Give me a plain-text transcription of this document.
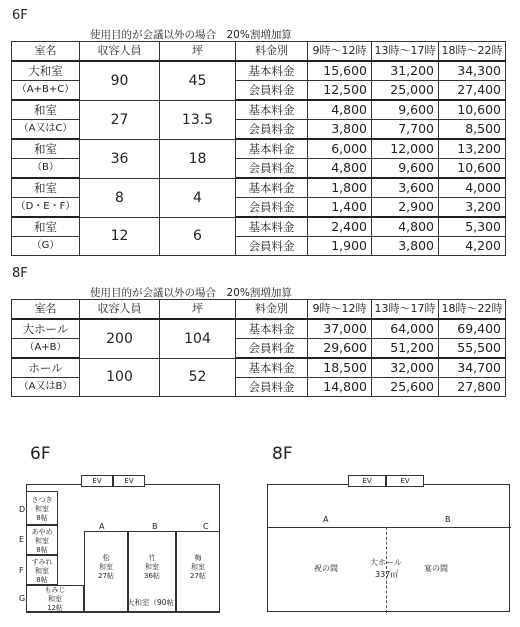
6F
使用目的が会議以外の場合　20%割増加算
室名	収容人員	坪	料金別	9時～12時	13時～17時	18時～22時
大和室	90	45	基本料金	15,600	31,200	34,300
（A+B+C）			会員料金	12,500	25,000	27,400
和室	27	13.5	基本料金	4,800	9,600	10,600
（A又はC）			会員料金	3,800	7,700	8,500
和室	36	18	基本料金	6,000	12,000	13,200
（B）			会員料金	4,800	9,600	10,600
和室	8	4	基本料金	1,800	3,600	4,000
（D・E・F）			会員料金	1,400	2,900	3,200
和室	12	6	基本料金	2,400	4,800	5,300
（G）			会員料金	1,900	3,800	4,200
8F
使用目的が会議以外の場合　20%割増加算
室名	収容人員	坪	料金別	9時～12時	13時～17時	18時～22時
大ホール	200	104	基本料金	37,000	64,000	69,400
（A+B）			会員料金	29,600	51,200	55,500
ホール	100	52	基本料金	18,500	32,000	34,700
（A又はB）			会員料金	14,800	25,600	27,800
6F
EV	EV
A	B	C
さつき
和室
8帖
あやめ
和室
8帖
すみれ
和室
8帖
もみじ
和室
12帖
松
和室
27帖
竹
和室
36帖
梅
和室
27帖
大和室（90帖）
D
E
F
G
8F
EV	EV
A	B
祝の間
大ホール
337㎡
宴の間
